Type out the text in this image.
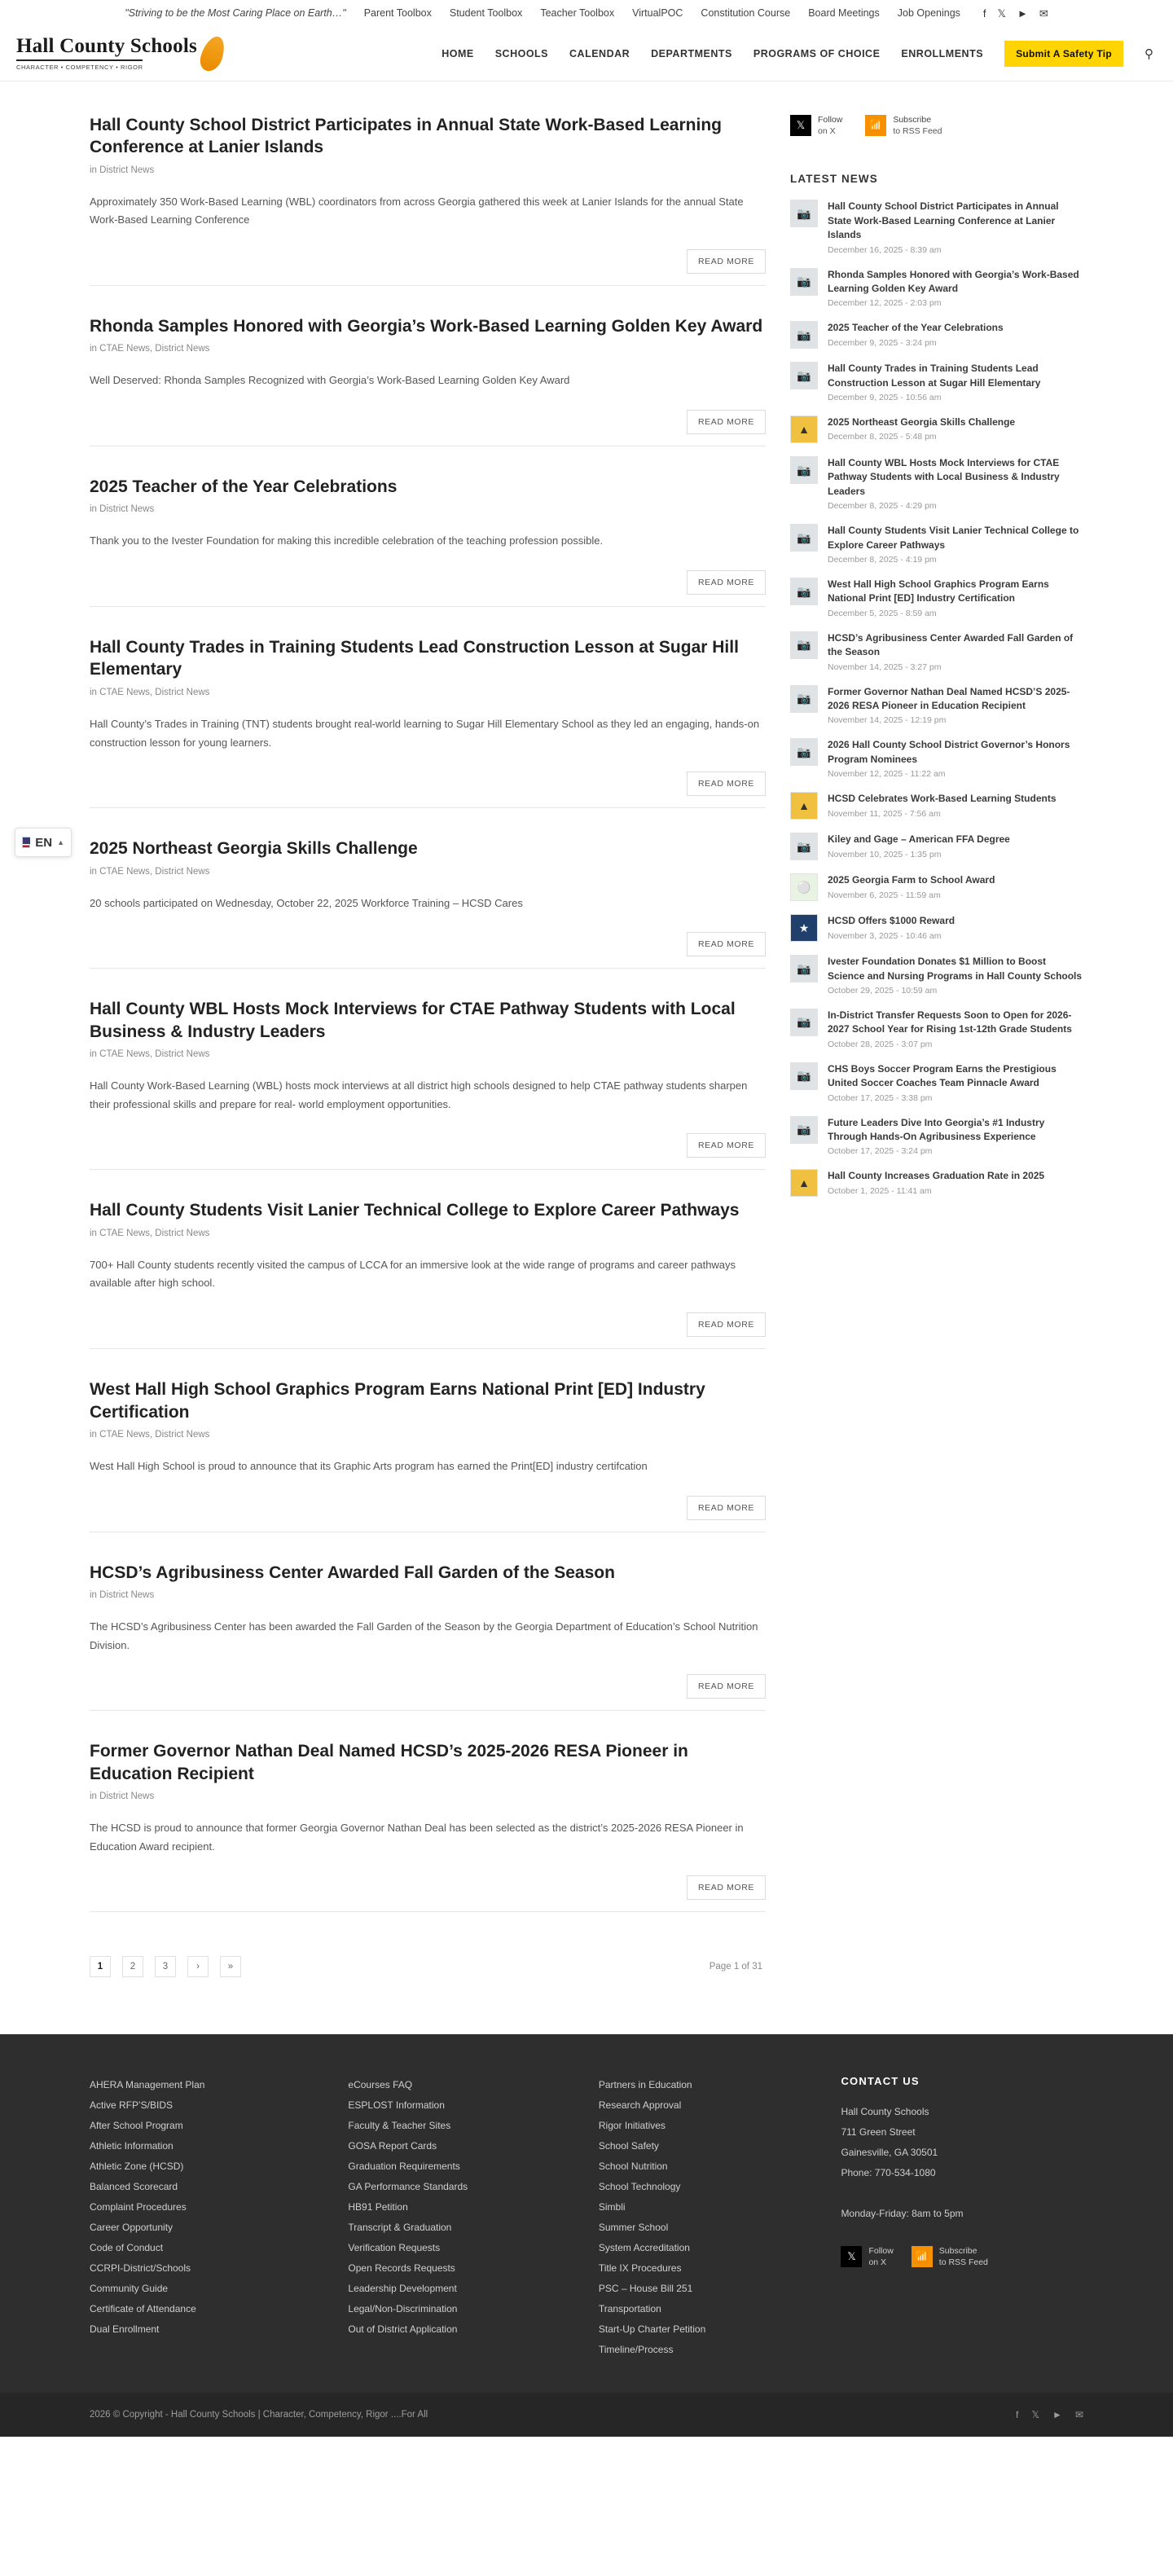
"Striving to be the Most Caring Place on Earth…" Parent Toolbox Student Toolbox Teacher Toolbox VirtualPOC Constitution Course Board Meetings Job Openings f 𝕏 ► ✉
Hall County Schools
CHARACTER • COMPETENCY • RIGOR
HOME SCHOOLS CALENDAR DEPARTMENTS PROGRAMS OF CHOICE ENROLLMENTS	Submit A Safety Tip	⚲
Hall County School District Participates in Annual State Work-Based Learning Conference at Lanier Islands
in District News
Approximately 350 Work-Based Learning (WBL) coordinators from across Georgia gathered this week at Lanier Islands for the annual State Work-Based Learning Conference
READ MORE
Rhonda Samples Honored with Georgia’s Work-Based Learning Golden Key Award
in CTAE News, District News
Well Deserved: Rhonda Samples Recognized with Georgia’s Work-Based Learning Golden Key Award
READ MORE
2025 Teacher of the Year Celebrations
in District News
Thank you to the Ivester Foundation for making this incredible celebration of the teaching profession possible.
READ MORE
Hall County Trades in Training Students Lead Construction Lesson at Sugar Hill Elementary
in CTAE News, District News
Hall County’s Trades in Training (TNT) students brought real-world learning to Sugar Hill Elementary School as they led an engaging, hands-on construction lesson for young learners.
READ MORE
2025 Northeast Georgia Skills Challenge
in CTAE News, District News
20 schools participated on Wednesday, October 22, 2025 Workforce Training – HCSD Cares
READ MORE
Hall County WBL Hosts Mock Interviews for CTAE Pathway Students with Local Business & Industry Leaders
in CTAE News, District News
Hall County Work-Based Learning (WBL) hosts mock interviews at all district high schools designed to help CTAE pathway students sharpen their professional skills and prepare for real- world employment opportunities.
READ MORE
Hall County Students Visit Lanier Technical College to Explore Career Pathways
in CTAE News, District News
700+ Hall County students recently visited the campus of LCCA for an immersive look at the wide range of programs and career pathways available after high school.
READ MORE
West Hall High School Graphics Program Earns National Print [ED] Industry Certification
in CTAE News, District News
West Hall High School is proud to announce that its Graphic Arts program has earned the Print[ED] industry certifcation
READ MORE
HCSD’s Agribusiness Center Awarded Fall Garden of the Season
in District News
The HCSD’s Agribusiness Center has been awarded the Fall Garden of the Season by the Georgia Department of Education’s School Nutrition Division.
READ MORE
Former Governor Nathan Deal Named HCSD’s 2025-2026 RESA Pioneer in Education Recipient
in District News
The HCSD is proud to announce that former Georgia Governor Nathan Deal has been selected as the district’s 2025-2026 RESA Pioneer in Education Award recipient.
READ MORE
1	2	3	›	»	Page 1 of 31
𝕏	Follow
on X	📶	Subscribe
to RSS Feed
LATEST NEWS
📷
Hall County School District Participates in Annual State Work-Based Learning Conference at Lanier Islands
December 16, 2025 - 8:39 am
📷
Rhonda Samples Honored with Georgia’s Work-Based Learning Golden Key Award
December 12, 2025 - 2:03 pm
📷
2025 Teacher of the Year Celebrations
December 9, 2025 - 3:24 pm
📷
Hall County Trades in Training Students Lead Construction Lesson at Sugar Hill Elementary
December 9, 2025 - 10:56 am
▲
2025 Northeast Georgia Skills Challenge
December 8, 2025 - 5:48 pm
📷
Hall County WBL Hosts Mock Interviews for CTAE Pathway Students with Local Business & Industry Leaders
December 8, 2025 - 4:29 pm
📷
Hall County Students Visit Lanier Technical College to Explore Career Pathways
December 8, 2025 - 4:19 pm
📷
West Hall High School Graphics Program Earns National Print [ED] Industry Certification
December 5, 2025 - 8:59 am
📷
HCSD’s Agribusiness Center Awarded Fall Garden of the Season
November 14, 2025 - 3:27 pm
📷
Former Governor Nathan Deal Named HCSD’S 2025-2026 RESA Pioneer in Education Recipient
November 14, 2025 - 12:19 pm
📷
2026 Hall County School District Governor’s Honors Program Nominees
November 12, 2025 - 11:22 am
▲
HCSD Celebrates Work-Based Learning Students
November 11, 2025 - 7:56 am
📷
Kiley and Gage – American FFA Degree
November 10, 2025 - 1:35 pm
⚪
2025 Georgia Farm to School Award
November 6, 2025 - 11:59 am
★
HCSD Offers $1000 Reward
November 3, 2025 - 10:46 am
📷
Ivester Foundation Donates $1 Million to Boost Science and Nursing Programs in Hall County Schools
October 29, 2025 - 10:59 am
📷
In-District Transfer Requests Soon to Open for 2026-2027 School Year for Rising 1st-12th Grade Students
October 28, 2025 - 3:07 pm
📷
CHS Boys Soccer Program Earns the Prestigious United Soccer Coaches Team Pinnacle Award
October 17, 2025 - 3:38 pm
📷
Future Leaders Dive Into Georgia’s #1 Industry Through Hands-On Agribusiness Experience
October 17, 2025 - 3:24 pm
▲
Hall County Increases Graduation Rate in 2025
October 1, 2025 - 11:41 am
EN ▲
AHERA Management Plan
Active RFP’S/BIDS
After School Program
Athletic Information
Athletic Zone (HCSD)
Balanced Scorecard
Complaint Procedures
Career Opportunity
Code of Conduct
CCRPI-District/Schools
Community Guide
Certificate of Attendance
Dual Enrollment
eCourses FAQ
ESPLOST Information
Faculty & Teacher Sites
GOSA Report Cards
Graduation Requirements
GA Performance Standards
HB91 Petition
Transcript & Graduation
Verification Requests
Open Records Requests
Leadership Development
Legal/Non-Discrimination
Out of District Application
Partners in Education
Research Approval
Rigor Initiatives
School Safety
School Nutrition
School Technology
Simbli
Summer School
System Accreditation
Title IX Procedures
PSC – House Bill 251
Transportation
Start-Up Charter Petition
Timeline/Process
CONTACT US

Hall County Schools

711 Green Street

Gainesville, GA 30501

Phone: 770-534-1080

Monday-Friday: 8am to 5pm

𝕏	Follow
on X	📶	Subscribe
to RSS Feed
2026 © Copyright - Hall County Schools | Character, Competency, Rigor ....For All	f 𝕏 ► ✉
